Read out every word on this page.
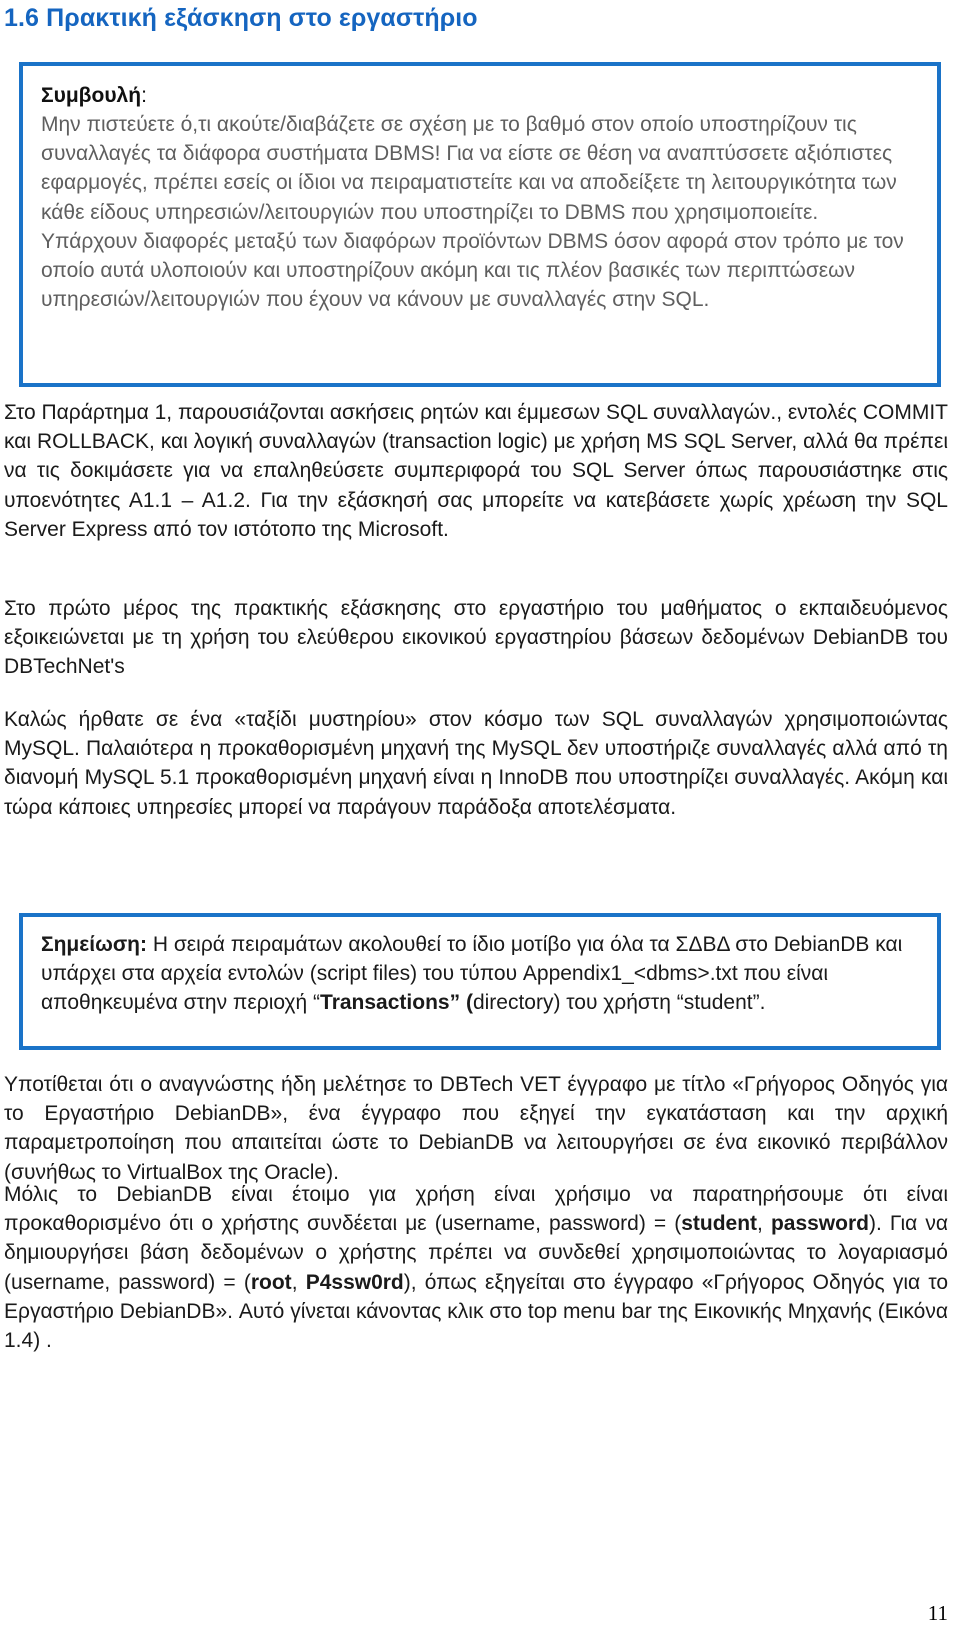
1.6 Πρακτική εξάσκηση στο εργαστήριο
Συμβουλή:
Μην πιστεύετε ό,τι ακούτε/διαβάζετε σε σχέση με το βαθμό στον οποίο υποστηρίζουν τις συναλλαγές τα διάφορα συστήματα DBMS! Για να είστε σε θέση να αναπτύσσετε αξιόπιστες εφαρμογές, πρέπει εσείς οι ίδιοι να πειραματιστείτε και να αποδείξετε τη λειτουργικότητα των κάθε είδους υπηρεσιών/λειτουργιών που υποστηρίζει το DBMS που χρησιμοποιείτε. Υπάρχουν διαφορές μεταξύ των διαφόρων προϊόντων DBMS όσον αφορά στον τρόπο με τον οποίο αυτά υλοποιούν και υποστηρίζουν ακόμη και τις πλέον βασικές των περιπτώσεων υπηρεσιών/λειτουργιών που έχουν να κάνουν με συναλλαγές στην SQL.

Στο Παράρτημα 1, παρουσιάζονται ασκήσεις ρητών και έμμεσων SQL συναλλαγών., εντολές COMMIT και ROLLBACK, και λογική συναλλαγών (transaction logic) με χρήση MS SQL Server, αλλά θα πρέπει να τις δοκιμάσετε για να επαληθεύσετε συμπεριφορά του SQL Server όπως παρουσιάστηκε στις υποενότητες Α1.1 – Α1.2. Για την εξάσκησή σας μπορείτε να κατεβάσετε χωρίς χρέωση την SQL Server Express από τον ιστότοπο της Microsoft.

Στο πρώτο μέρος της πρακτικής εξάσκησης στο εργαστήριο του μαθήματος ο εκπαιδευόμενος εξοικειώνεται με τη χρήση του ελεύθερου εικονικού εργαστηρίου βάσεων δεδομένων DebianDB του DBTechNet's

Καλώς ήρθατε σε ένα «ταξίδι μυστηρίου» στον κόσμο των SQL συναλλαγών χρησιμοποιώντας MySQL. Παλαιότερα η προκαθορισμένη μηχανή της MySQL δεν υποστήριζε συναλλαγές αλλά από τη διανομή MySQL 5.1 προκαθορισμένη μηχανή είναι η InnoDB που υποστηρίζει συναλλαγές. Ακόμη και τώρα κάποιες υπηρεσίες μπορεί να παράγουν παράδοξα αποτελέσματα.

Σημείωση: Η σειρά πειραμάτων ακολουθεί το ίδιο μοτίβο για όλα τα ΣΔΒΔ στο DebianDB και υπάρχει στα αρχεία εντολών (script files) του τύπου Appendix1_<dbms>.txt που είναι αποθηκευμένα στην περιοχή “Transactions” (directory) του χρήστη “student”.

Υποτίθεται ότι ο αναγνώστης ήδη μελέτησε το DBTech VET έγγραφο με τίτλο «Γρήγορος Οδηγός για το Εργαστήριο DebianDB», ένα έγγραφο που εξηγεί την εγκατάσταση και την αρχική παραμετροποίηση που απαιτείται ώστε το DebianDB να λειτουργήσει σε ένα εικονικό περιβάλλον (συνήθως το VirtualBox της Oracle).

Μόλις το DebianDB είναι έτοιμο για χρήση είναι χρήσιμο να παρατηρήσουμε ότι είναι προκαθορισμένο ότι ο χρήστης συνδέεται με (username, password) = (student, password). Για να δημιουργήσει βάση δεδομένων ο χρήστης πρέπει να συνδεθεί χρησιμοποιώντας το λογαριασμό (username, password) = (root, P4ssw0rd), όπως εξηγείται στο έγγραφο «Γρήγορος Οδηγός για το Εργαστήριο DebianDB». Αυτό γίνεται κάνοντας κλικ στο top menu bar της Εικονικής Μηχανής (Εικόνα 1.4) .

11
